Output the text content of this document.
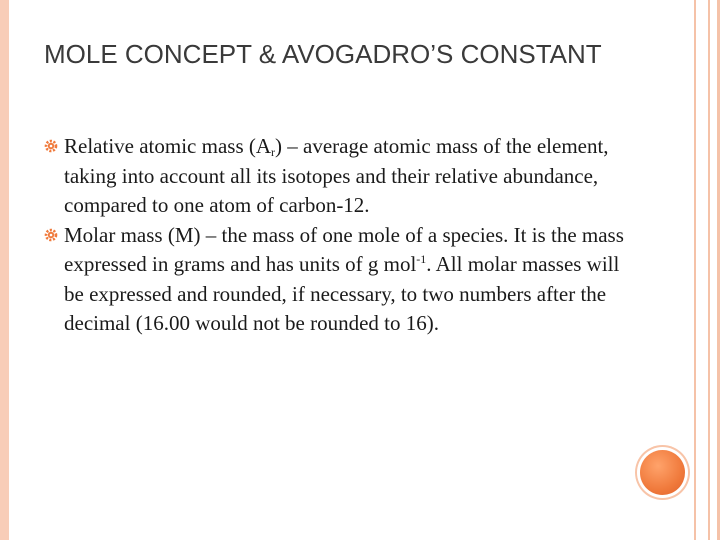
MOLE CONCEPT & AVOGADRO’S CONSTANT
Relative atomic mass $(A_r)$ – average atomic mass of the element, taking into account all its isotopes and their relative abundance, compared to one atom of carbon-12.
Molar mass (M) – the mass of one mole of a species. It is the mass expressed in grams and has units of g mol$^{-1}$. All molar masses will be expressed and rounded, if necessary, to two numbers after the decimal (16.00 would not be rounded to 16).
